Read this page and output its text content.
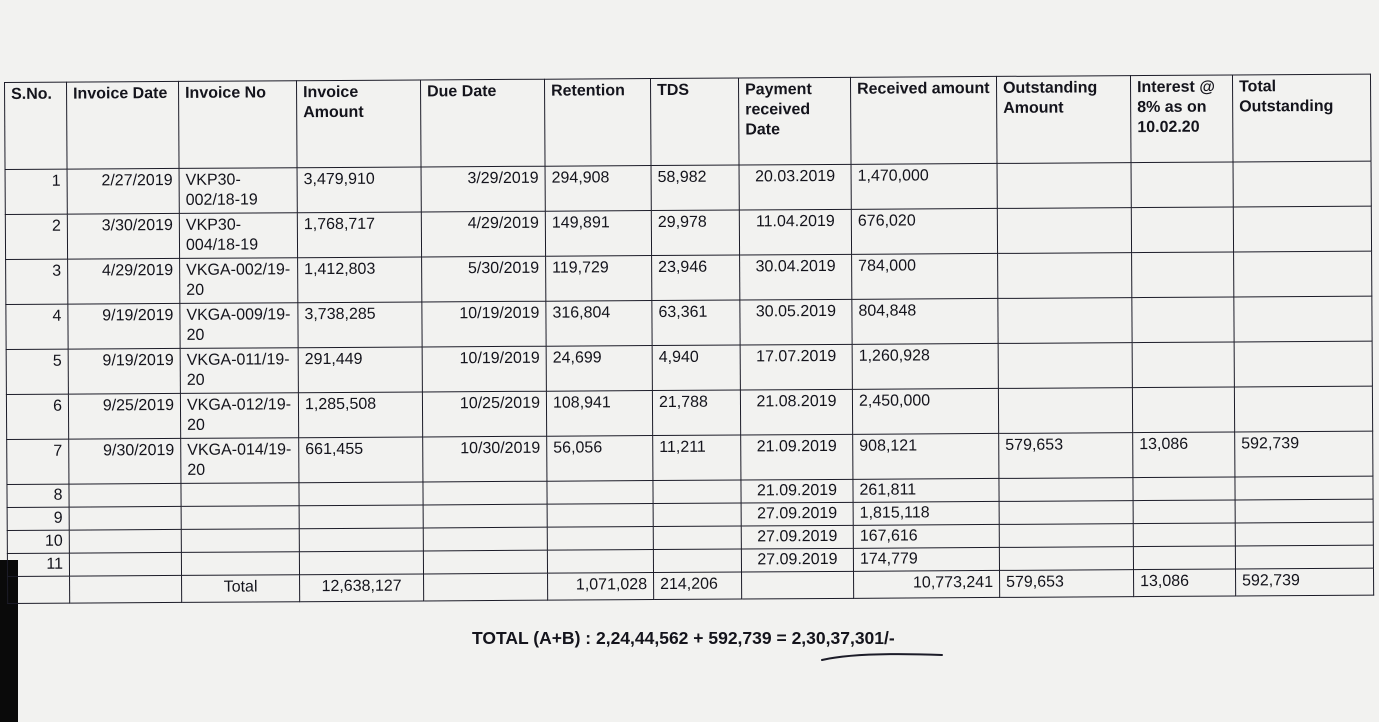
S.No.	Invoice Date	Invoice No	Invoice Amount	Due Date	Retention	TDS	Payment received Date	Received amount	Outstanding Amount	Interest @ 8% as on 10.02.20	Total Outstanding
1	2/27/2019	VKP30-002/18-19	3,479,910	3/29/2019	294,908	58,982	20.03.2019	1,470,000			
2	3/30/2019	VKP30-004/18-19	1,768,717	4/29/2019	149,891	29,978	11.04.2019	676,020			
3	4/29/2019	VKGA-002/19-20	1,412,803	5/30/2019	119,729	23,946	30.04.2019	784,000			
4	9/19/2019	VKGA-009/19-20	3,738,285	10/19/2019	316,804	63,361	30.05.2019	804,848			
5	9/19/2019	VKGA-011/19-20	291,449	10/19/2019	24,699	4,940	17.07.2019	1,260,928			
6	9/25/2019	VKGA-012/19-20	1,285,508	10/25/2019	108,941	21,788	21.08.2019	2,450,000			
7	9/30/2019	VKGA-014/19-20	661,455	10/30/2019	56,056	11,211	21.09.2019	908,121	579,653	13,086	592,739
8							21.09.2019	261,811			
9							27.09.2019	1,815,118			
10							27.09.2019	167,616			
11							27.09.2019	174,779			
		Total	12,638,127		1,071,028	214,206		10,773,241	579,653	13,086	592,739
TOTAL (A+B) : 2,24,44,562 + 592,739 = 2,30,37,301/-
